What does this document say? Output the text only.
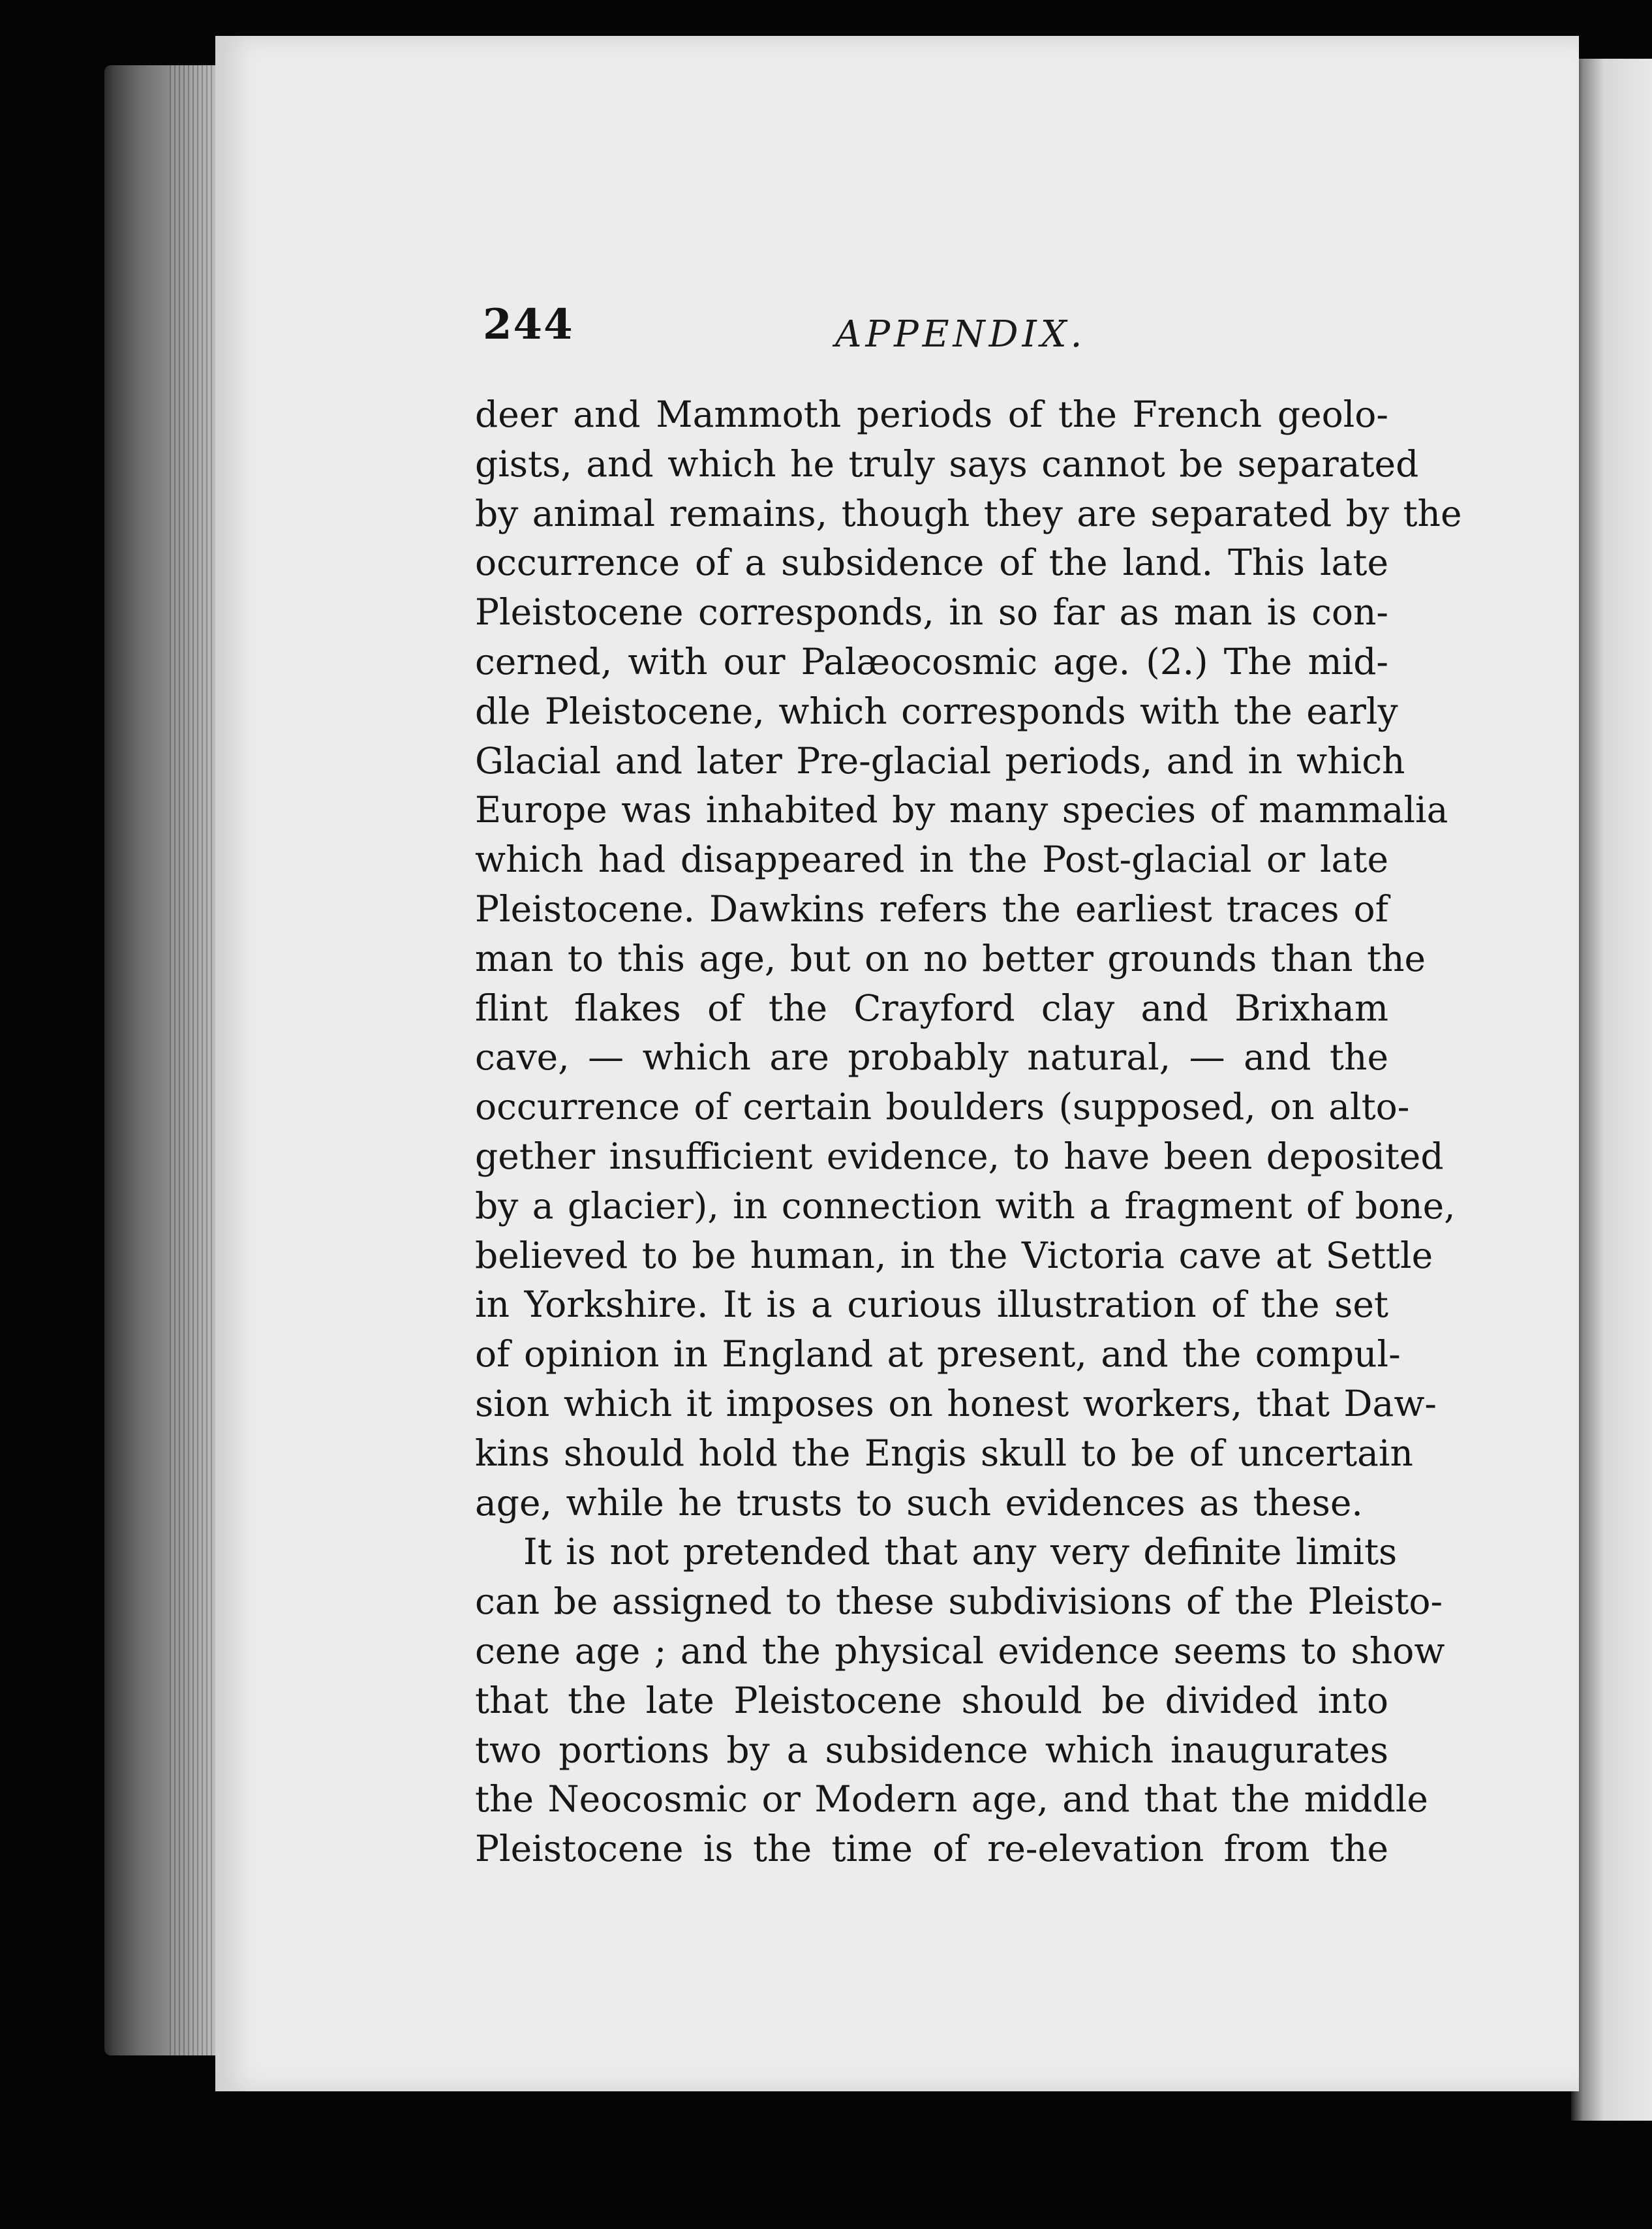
244	APPENDIX.
deer and Mammoth periods of the French geolo-
gists, and which he truly says cannot be separated
by animal remains, though they are separated by the
occurrence of a subsidence of the land. This late
Pleistocene corresponds, in so far as man is con-
cerned, with our Palæocosmic age. (2.) The mid-
dle Pleistocene, which corresponds with the early
Glacial and later Pre-glacial periods, and in which
Europe was inhabited by many species of mammalia
which had disappeared in the Post-glacial or late
Pleistocene. Dawkins refers the earliest traces of
man to this age, but on no better grounds than the
flint flakes of the Crayford clay and Brixham
cave, — which are probably natural, — and the
occurrence of certain boulders (supposed, on alto-
gether insufficient evidence, to have been deposited
by a glacier), in connection with a fragment of bone,
believed to be human, in the Victoria cave at Settle
in Yorkshire. It is a curious illustration of the set
of opinion in England at present, and the compul-
sion which it imposes on honest workers, that Daw-
kins should hold the Engis skull to be of uncertain
age, while he trusts to such evidences as these.
It is not pretended that any very definite limits
can be assigned to these subdivisions of the Pleisto-
cene age ; and the physical evidence seems to show
that the late Pleistocene should be divided into
two portions by a subsidence which inaugurates
the Neocosmic or Modern age, and that the middle
Pleistocene is the time of re-elevation from the
